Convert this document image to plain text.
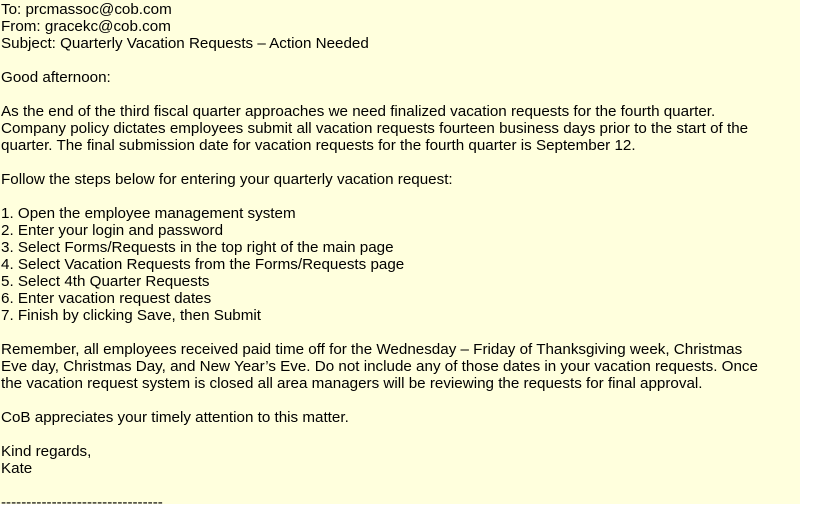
To: prcmassoc@cob.com
From: gracekc@cob.com
Subject: Quarterly Vacation Requests – Action Needed
Good afternoon:
As the end of the third fiscal quarter approaches we need finalized vacation requests for the fourth quarter.
Company policy dictates employees submit all vacation requests fourteen business days prior to the start of the
quarter. The final submission date for vacation requests for the fourth quarter is September 12.
Follow the steps below for entering your quarterly vacation request:
1. Open the employee management system
2. Enter your login and password
3. Select Forms/Requests in the top right of the main page
4. Select Vacation Requests from the Forms/Requests page
5. Select 4th Quarter Requests
6. Enter vacation request dates
7. Finish by clicking Save, then Submit
Remember, all employees received paid time off for the Wednesday – Friday of Thanksgiving week, Christmas
Eve day, Christmas Day, and New Year’s Eve. Do not include any of those dates in your vacation requests. Once
the vacation request system is closed all area managers will be reviewing the requests for final approval.
CoB appreciates your timely attention to this matter.
Kind regards,
Kate
--------------------------------
